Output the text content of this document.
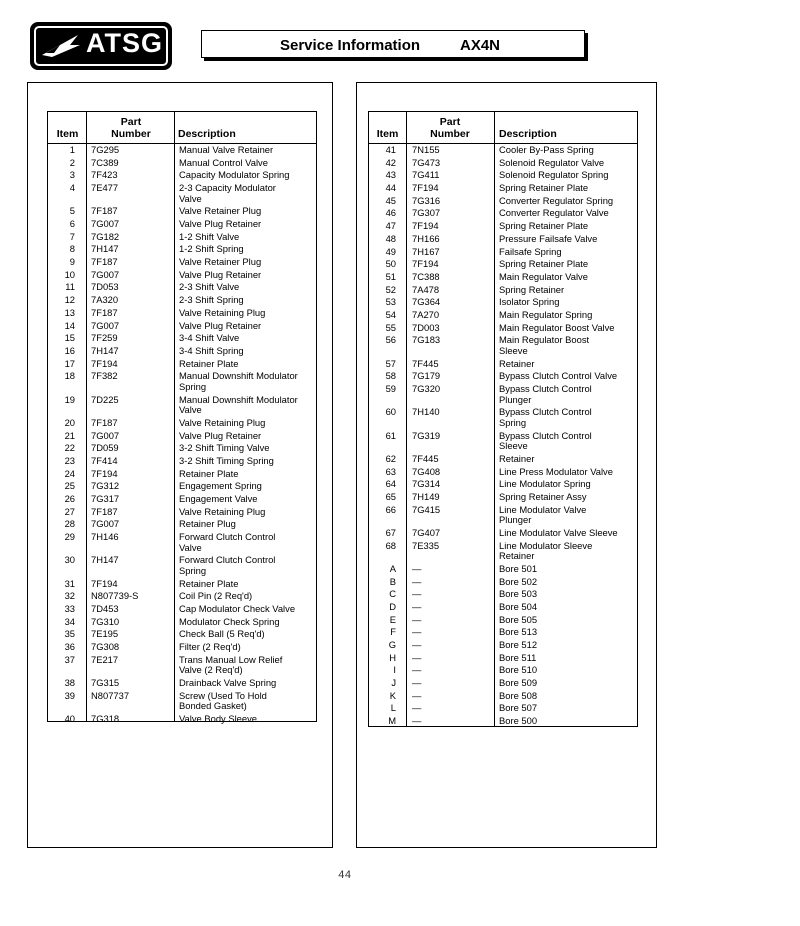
ATSG	Service Information	AX4N
Item
Part
Number	Description
1 7G295	Manual Valve Retainer
2 7C389	Manual Control Valve
3 7F423	Capacity Modulator Spring
4 7E477	2-3 Capacity Modulator
Valve
5 7F187	Valve Retainer Plug
6 7G007	Valve Plug Retainer
7 7G182	1-2 Shift Valve
8 7H147	1-2 Shift Spring
9 7F187	Valve Retainer Plug
10 7G007	Valve Plug Retainer
11 7D053	2-3 Shift Valve
12 7A320	2-3 Shift Spring
13 7F187	Valve Retaining Plug
14 7G007	Valve Plug Retainer
15 7F259	3-4 Shift Valve
16 7H147	3-4 Shift Spring
17 7F194	Retainer Plate
18 7F382	Manual Downshift Modulator
Spring
19 7D225	Manual Downshift Modulator
Valve
20 7F187	Valve Retaining Plug
21 7G007	Valve Plug Retainer
22 7D059	3-2 Shift Timing Valve
23 7F414	3-2 Shift Timing Spring
24 7F194	Retainer Plate
25 7G312	Engagement Spring
26 7G317	Engagement Valve
27 7F187	Valve Retaining Plug
28 7G007	Retainer Plug
29 7H146	Forward Clutch Control
Valve
30 7H147	Forward Clutch Control
Spring
31 7F194	Retainer Plate
32 N807739-S	Coil Pin (2 Req'd)
33 7D453	Cap Modulator Check Valve
34 7G310	Modulator Check Spring
35 7E195	Check Ball (5 Req'd)
36 7G308	Filter (2 Req'd)
37 7E217	Trans Manual Low Relief
Valve (2 Req'd)
38 7G315	Drainback Valve Spring
39 N807737	Screw (Used To Hold
Bonded Gasket)
40 7G318	Valve Body Sleeve
Item
Part
Number	Description
41 7N155	Cooler By-Pass Spring
42 7G473	Solenoid Regulator Valve
43 7G411	Solenoid Regulator Spring
44 7F194	Spring Retainer Plate
45 7G316	Converter Regulator Spring
46 7G307	Converter Regulator Valve
47 7F194	Spring Retainer Plate
48 7H166	Pressure Failsafe Valve
49 7H167	Failsafe Spring
50 7F194	Spring Retainer Plate
51 7C388	Main Regulator Valve
52 7A478	Spring Retainer
53 7G364	Isolator Spring
54 7A270	Main Regulator Spring
55 7D003	Main Regulator Boost Valve
56 7G183	Main Regulator Boost
Sleeve
57 7F445	Retainer
58 7G179	Bypass Clutch Control Valve
59 7G320	Bypass Clutch Control
Plunger
60 7H140	Bypass Clutch Control
Spring
61 7G319	Bypass Clutch Control
Sleeve
62 7F445	Retainer
63 7G408	Line Press Modulator Valve
64 7G314	Line Modulator Spring
65 7H149	Spring Retainer Assy
66 7G415	Line Modulator Valve
Plunger
67 7G407	Line Modulator Valve Sleeve
68 7E335	Line Modulator Sleeve
Retainer
A —	Bore 501
B —	Bore 502
C —	Bore 503
D —	Bore 504
E —	Bore 505
F —	Bore 513
G —	Bore 512
H —	Bore 511
I —	Bore 510
J —	Bore 509
K —	Bore 508
L —	Bore 507
M —	Bore 500
44
